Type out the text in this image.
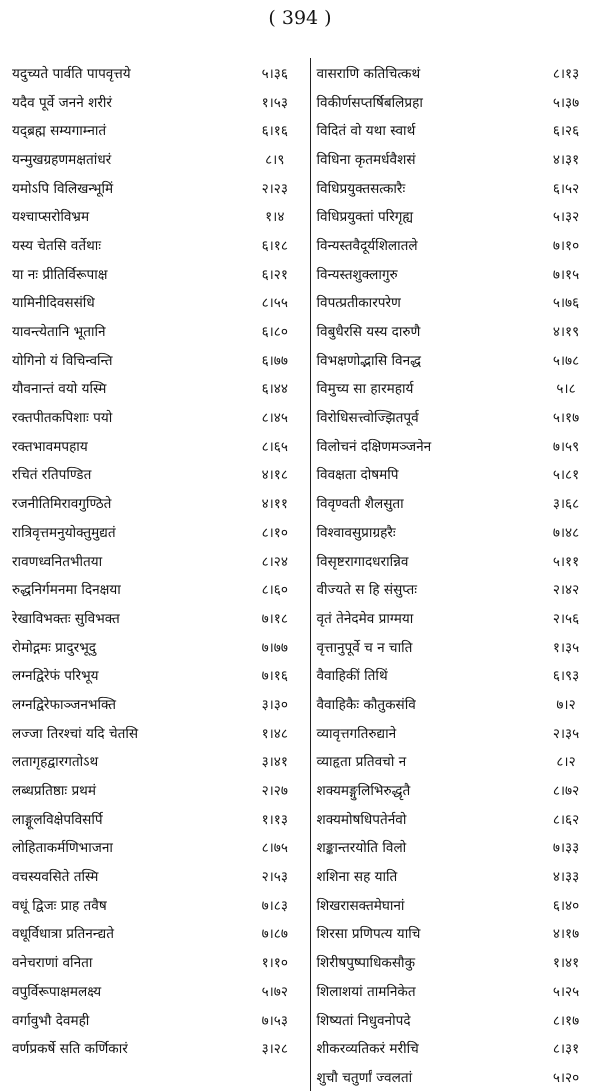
( 394 )
यदुच्यते पार्वति पापवृत्तये	५।३६	वासराणि कतिचित्कथं	८।१३
यदैव पूर्वे जनने शरीरं	१।५३	विकीर्णसप्तर्षिबलिप्रहा	५।३७
यद्ब्रह्म सम्यगाम्नातं	६।१६	विदितं वो यथा स्वार्थ	६।२६
यन्मुखग्रहणमक्षतांधरं	८।९	विधिना कृतमर्धवैशसं	४।३१
यमोऽपि विलिखन्भूमिं	२।२३	विधिप्रयुक्तसत्कारैः	६।५२
यश्चाप्सरोविभ्रम	१।४	विधिप्रयुक्तां परिगृह्य	५।३२
यस्य चेतसि वर्तेथाः	६।१८	विन्यस्तवैदूर्यशिलातले	७।१०
या नः प्रीतिर्विरूपाक्ष	६।२१	विन्यस्तशुक्लागुरु	७।१५
यामिनीदिवससंधि	८।५५	विपत्प्रतीकारपरेण	५।७६
यावन्त्येतानि भूतानि	६।८०	विबुधैरसि यस्य दारुणै	४।१९
योगिनो यं विचिन्वन्ति	६।७७	विभक्षणोद्भासि विनद्ध	५।७८
यौवनान्तं वयो यस्मि	६।४४	विमुच्य सा हारमहार्य	५।८
रक्तपीतकपिशाः पयो	८।४५	विरोधिसत्त्वोज्झितपूर्व	५।१७
रक्तभावमपहाय	८।६५	विलोचनं दक्षिणमञ्जनेन	७।५९
रचितं रतिपण्डित	४।१८	विवक्षता दोषमपि	५।८१
रजनीतिमिरावगुण्ठिते	४।११	विवृण्वती शैलसुता	३।६८
रात्रिवृत्तमनुयोक्तुमुद्यतं	८।१०	विश्वावसुप्राग्रहरैः	७।४८
रावणध्वनितभीतया	८।२४	विसृष्टरागादधरान्निव	५।११
रुद्धनिर्गमनमा दिनक्षया	८।६०	वीज्यते स हि संसुप्तः	२।४२
रेखाविभक्तः सुविभक्त	७।१८	वृतं तेनेदमेव प्राग्मया	२।५६
रोमोद्गमः प्रादुरभूदु	७।७७	वृत्तानुपूर्वे च न चाति	१।३५
लग्नद्विरेफं परिभूय	७।१६	वैवाहिकीं तिथिं	६।९३
लग्नद्विरेफाञ्जनभक्ति	३।३०	वैवाहिकैः कौतुकसंवि	७।२
लज्जा तिरश्चां यदि चेतसि	१।४८	व्यावृत्तगतिरुद्याने	२।३५
लतागृहद्वारगतोऽथ	३।४१	व्याहृता प्रतिवचो न	८।२
लब्धप्रतिष्ठाः प्रथमं	२।२७	शक्यमङ्गुलिभिरुद्धृतै	८।७२
लाङ्गूलविक्षेपविसर्पि	१।१३	शक्यमोषधिपतेर्नवो	८।६२
लोहिताकर्मणिभाजना	८।७५	शङ्कान्तरयोति विलो	७।३३
वचस्यवसिते तस्मि	२।५३	शशिना सह याति	४।३३
वधूं द्विजः प्राह तवैष	७।८३	शिखरासक्तमेघानां	६।४०
वधूर्विधात्रा प्रतिनन्द्यते	७।८७	शिरसा प्रणिपत्य याचि	४।१७
वनेचराणां वनिता	१।१०	शिरीषपुष्पाधिकसौकु	१।४१
वपुर्विरूपाक्षमलक्ष्य	५।७२	शिलाशयां तामनिकेत	५।२५
वर्गावुभौ देवमही	७।५३	शिष्यतां निधुवनोपदे	८।१७
वर्णप्रकर्षे सति कर्णिकारं	३।२८	शीकरव्यतिकरं मरीचि	८।३१
		शुचौ चतुर्णां ज्वलतां	५।२०
